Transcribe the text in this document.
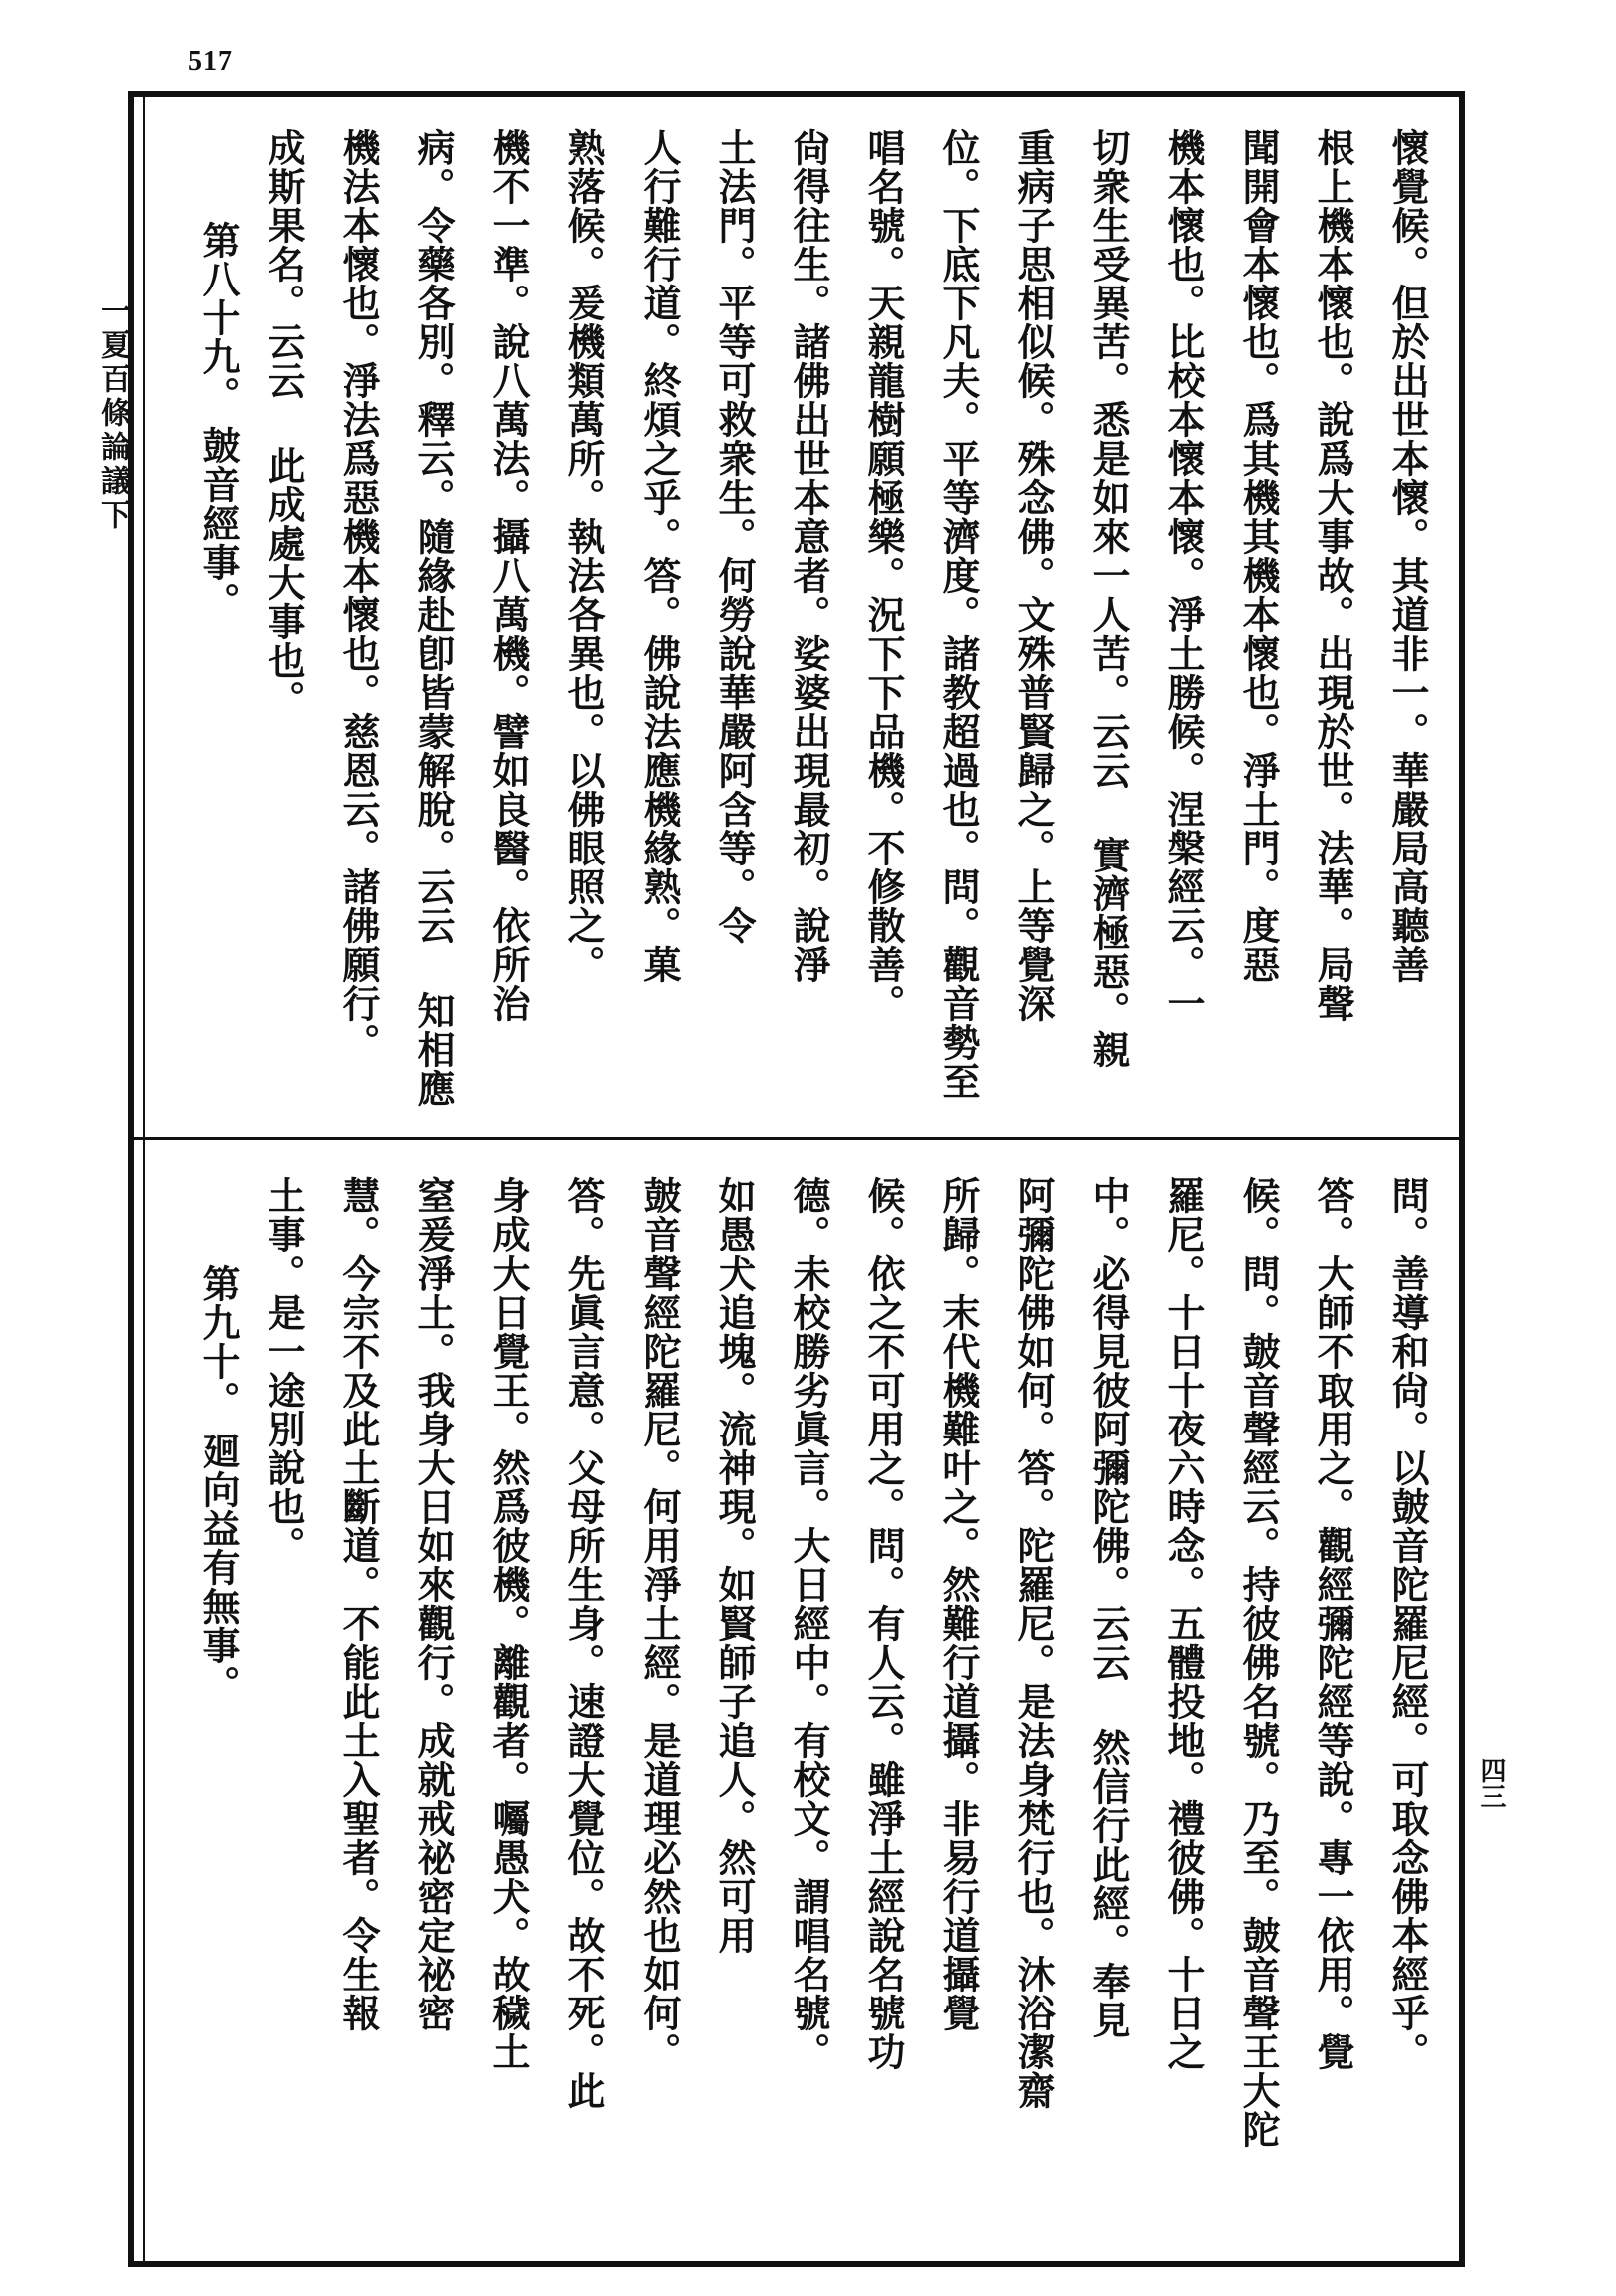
517
一夏百條論議下
四三
懷覺候。但於出世本懷。其道非一。華嚴局高聽善
根上機本懷也。說爲大事故。出現於世。法華。局聲
聞開會本懷也。爲其機其機本懷也。淨土門。度惡
機本懷也。比校本懷本懷。淨土勝候。涅槃經云。一
切衆生受異苦。悉是如來一人苦。云云 實濟極惡。親
重病子思相似候。殊念佛。文殊普賢歸之。上等覺深
位。下底下凡夫。平等濟度。諸教超過也。問。觀音勢至
唱名號。天親龍樹願極樂。況下下品機。不修散善。
尙得往生。諸佛出世本意者。娑婆出現最初。說淨
土法門。平等可救衆生。何勞說華嚴阿含等。令
人行難行道。終煩之乎。答。佛說法應機緣熟。菓
熟落候。爰機類萬所。執法各異也。以佛眼照之。
機不一準。說八萬法。攝八萬機。譬如良醫。依所治
病。令藥各別。釋云。隨緣赴卽皆蒙解脫。云云 知相應
機法本懷也。淨法爲惡機本懷也。慈恩云。諸佛願行。
成斯果名。云云 此成處大事也。
第八十九。
皷音經事。
問。善導和尙。以皷音陀羅尼經。可取念佛本經乎。
答。大師不取用之。觀經彌陀經等說。專一依用。覺
候。問。皷音聲經云。持彼佛名號。乃至。皷音聲王大陀
羅尼。十日十夜六時念。五體投地。禮彼佛。十日之
中。必得見彼阿彌陀佛。云云 然信行此經。奉見
阿彌陀佛如何。答。陀羅尼。是法身梵行也。沐浴潔齋
所歸。末代機難叶之。然難行道攝。非易行道攝覺
候。依之不可用之。問。有人云。雖淨土經說名號功
德。未校勝劣眞言。大日經中。有校文。謂唱名號。
如愚犬追塊。流神現。如賢師子追人。然可用
皷音聲經陀羅尼。何用淨土經。是道理必然也如何。
答。先眞言意。父母所生身。速證大覺位。故不死。此
身成大日覺王。然爲彼機。離觀者。囑愚犬。故穢土
窒爰淨土。我身大日如來觀行。成就戒祕密定祕密
慧。今宗不及此土斷道。不能此土入聖者。令生報
土事。是一途別說也。
第九十。
廻向益有無事。
